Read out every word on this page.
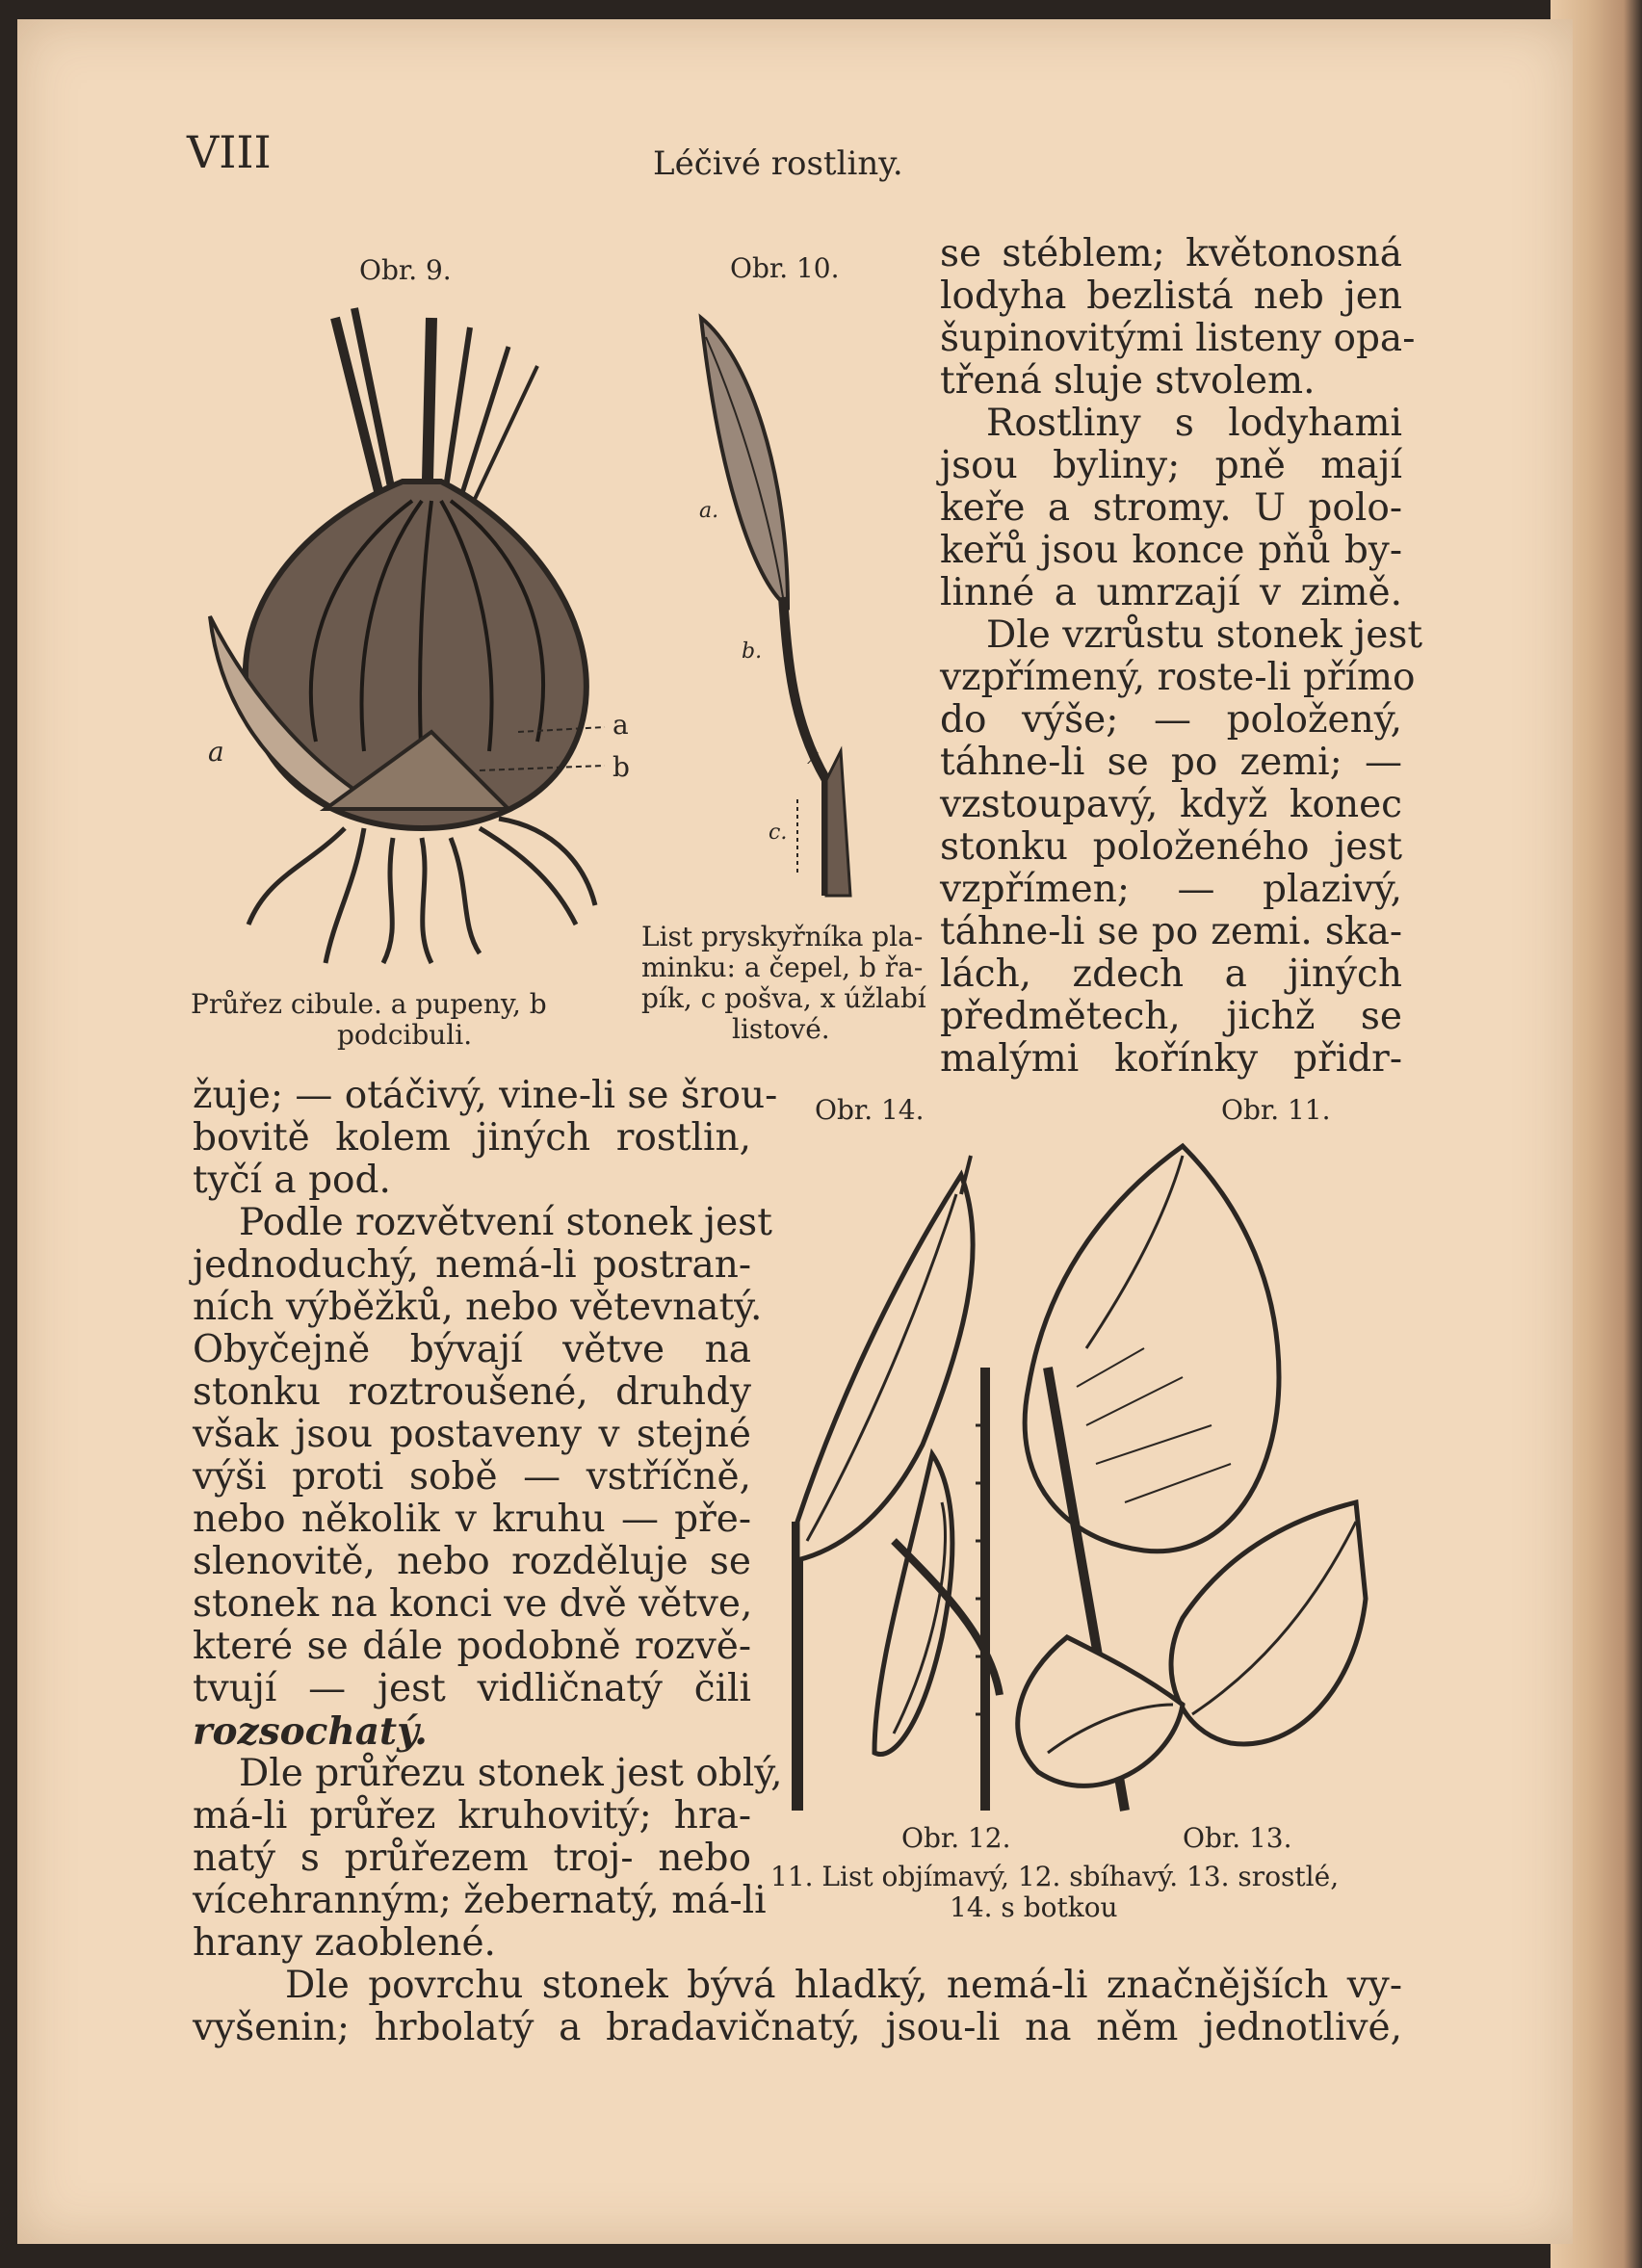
VIII	Léčivé rostliny.
Obr. 9.
a
a
b
Průřez cibule. a pupeny, b
podcibuli.
Obr. 10.
a.
b.
x
c.
List pryskyřníka pla-
minku: a čepel, b řa-
pík, c pošva, x úžlabí
listové.
se stéblem; květonosná
lodyha bezlistá neb jen
šupinovitými listeny opa-
třená sluje stvolem.
Rostliny s lodyhami
jsou byliny; pně mají
keře a stromy. U polo-
keřů jsou konce pňů by-
linné a umrzají v zimě.
Dle vzrůstu stonek jest
vzpřímený, roste-li přímo
do výše; — položený,
táhne-li se po zemi; —
vzstoupavý, když konec
stonku položeného jest
vzpřímen; — plazivý,
táhne-li se po zemi. ska-
lách, zdech a jiných
předmětech, jichž se
malými kořínky přidr-
Obr. 14.	Obr. 11.
Obr. 12.	Obr. 13.
11. List objímavý, 12. sbíhavý. 13. srostlé,
14. s botkou
žuje; — otáčivý, vine-li se šrou-
bovitě kolem jiných rostlin,
tyčí a pod.
Podle rozvětvení stonek jest
jednoduchý, nemá-li postran-
ních výběžků, nebo větevnatý.
Obyčejně bývají větve na
stonku roztroušené, druhdy
však jsou postaveny v stejné
výši proti sobě — vstříčně,
nebo několik v kruhu — pře-
slenovitě, nebo rozděluje se
stonek na konci ve dvě větve,
které se dále podobně rozvě-
tvují — jest vidličnatý čili
rozsochatý.
Dle průřezu stonek jest oblý,
má-li průřez kruhovitý; hra-
natý s průřezem troj- nebo
vícehranným; žebernatý, má-li
hrany zaoblené.
Dle povrchu stonek bývá hladký, nemá-li značnějších vy-
vyšenin; hrbolatý a bradavičnatý, jsou-li na něm jednotlivé,
